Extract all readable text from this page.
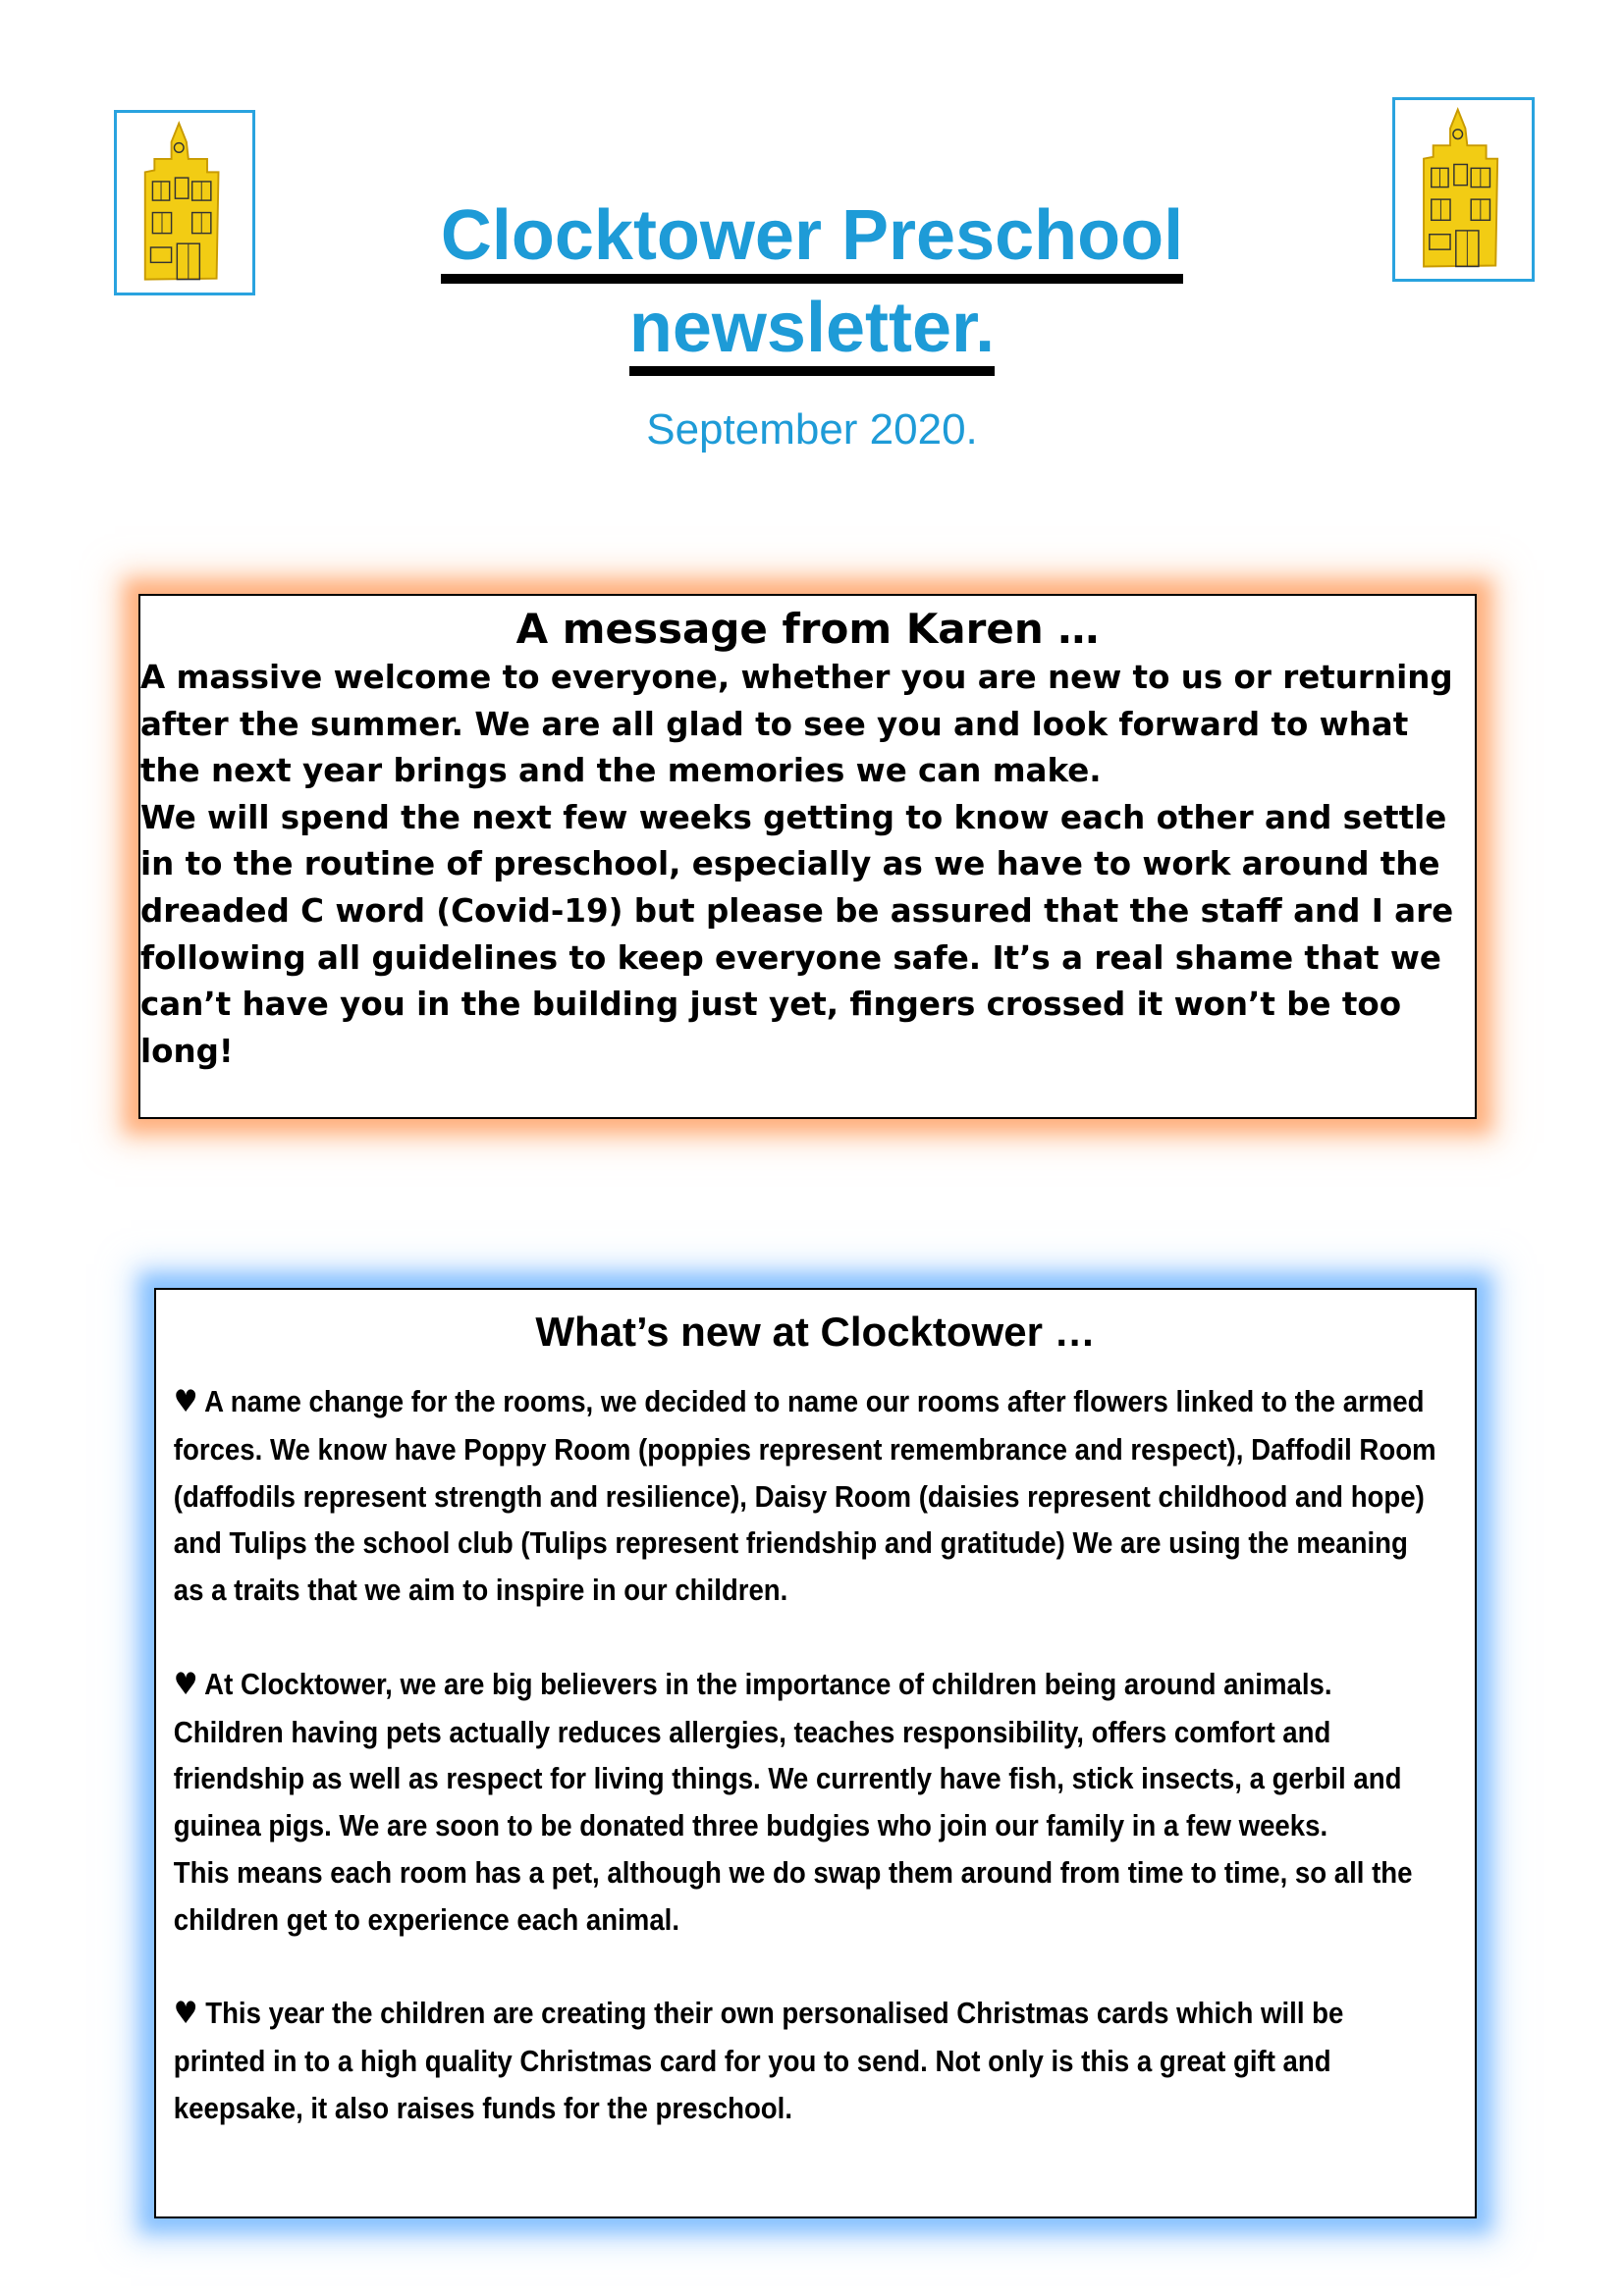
Clocktower Preschool
newsletter.
September 2020.
A message from Karen …

A massive welcome to everyone, whether you are new to us or returning after the summer. We are all glad to see you and look forward to what the next year brings and the memories we can make.

We will spend the next few weeks getting to know each other and settle in to the routine of preschool, especially as we have to work around the dreaded C word (Covid-19) but please be assured that the staff and I are following all guidelines to keep everyone safe. It’s a real shame that we can’t have you in the building just yet, fingers crossed it won’t be too long!

What’s new at Clocktower …

♥ A name change for the rooms, we decided to name our rooms after flowers linked to the armed forces. We know have Poppy Room (poppies represent remembrance and respect), Daffodil Room (daffodils represent strength and resilience), Daisy Room (daisies represent childhood and hope) and Tulips the school club (Tulips represent friendship and gratitude) We are using the meaning as a traits that we aim to inspire in our children.

♥ At Clocktower, we are big believers in the importance of children being around animals. Children having pets actually reduces allergies, teaches responsibility, offers comfort and friendship as well as respect for living things. We currently have fish, stick insects, a gerbil and guinea pigs. We are soon to be donated three budgies who join our family in a few weeks.

This means each room has a pet, although we do swap them around from time to time, so all the children get to experience each animal.

♥ This year the children are creating their own personalised Christmas cards which will be printed in to a high quality Christmas card for you to send. Not only is this a great gift and keepsake, it also raises funds for the preschool.
